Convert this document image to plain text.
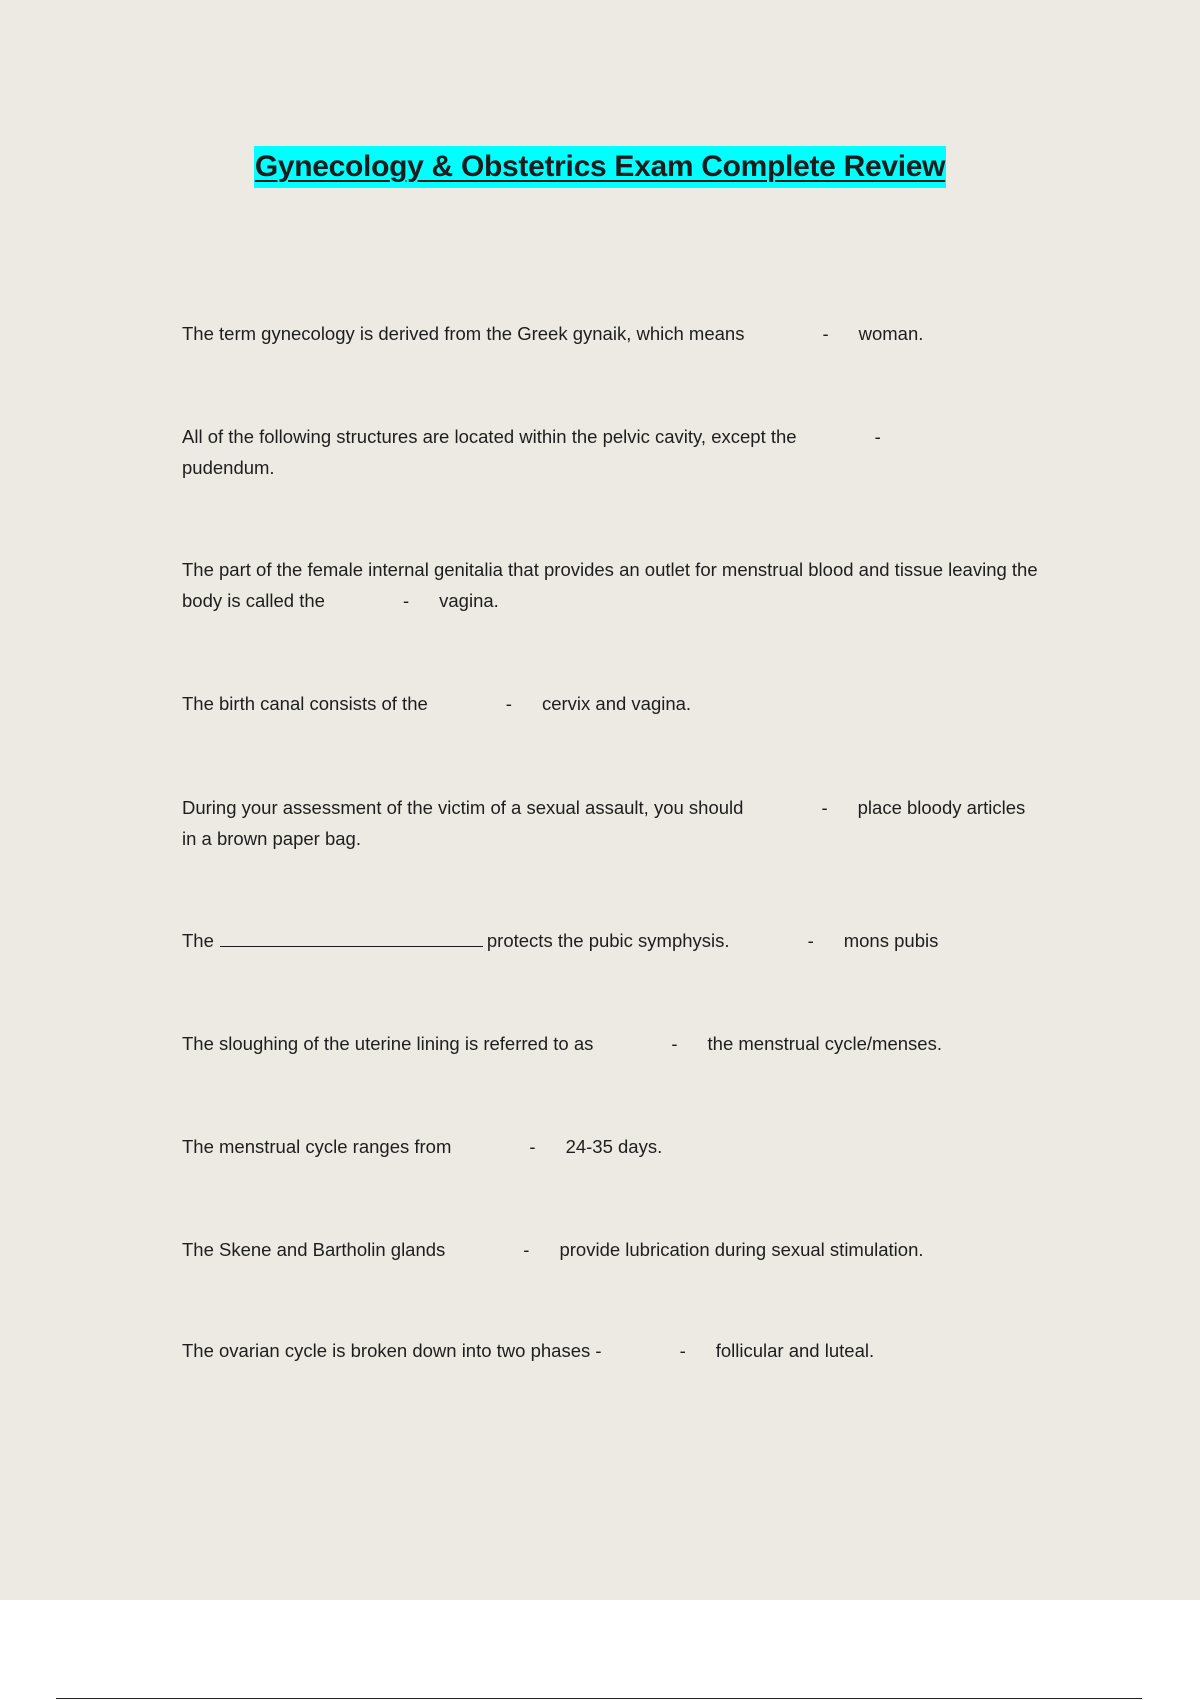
Gynecology & Obstetrics Exam Complete Review
The term gynecology is derived from the Greek gynaik, which means	- woman.
All of the following structures are located within the pelvic cavity, except the	-
pudendum.
The part of the female internal genitalia that provides an outlet for menstrual blood and tissue leaving the body is called the	- vagina.
The birth canal consists of the	- cervix and vagina.
During your assessment of the victim of a sexual assault, you should	- place bloody articles in a brown paper bag.
The	protects the pubic symphysis.	- mons pubis
The sloughing of the uterine lining is referred to as	- the menstrual cycle/menses.
The menstrual cycle ranges from	- 24-35 days.
The Skene and Bartholin glands	- provide lubrication during sexual stimulation.
The ovarian cycle is broken down into two phases -	- follicular and luteal.
